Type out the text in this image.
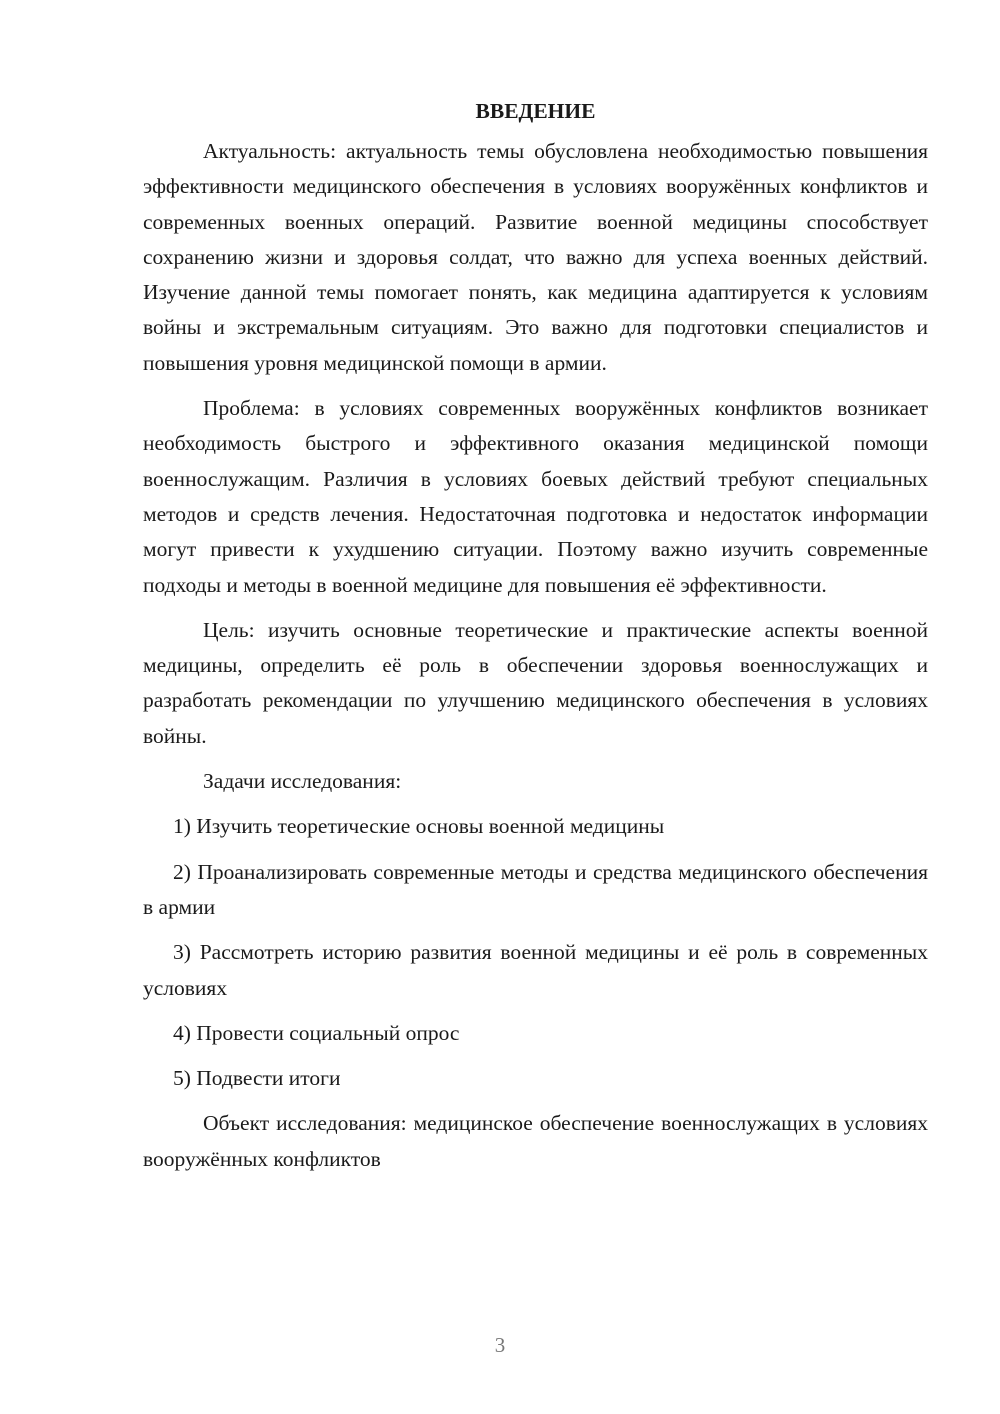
ВВЕДЕНИЕ

Актуальность: актуальность темы обусловлена необходимостью повышения эффективности медицинского обеспечения в условиях вооружённых конфликтов и современных военных операций. Развитие военной медицины способствует сохранению жизни и здоровья солдат, что важно для успеха военных действий. Изучение данной темы помогает понять, как медицина адаптируется к условиям войны и экстремальным ситуациям. Это важно для подготовки специалистов и повышения уровня медицинской помощи в армии.

Проблема: в условиях современных вооружённых конфликтов возникает необходимость быстрого и эффективного оказания медицинской помощи военнослужащим. Различия в условиях боевых действий требуют специальных методов и средств лечения. Недостаточная подготовка и недостаток информации могут привести к ухудшению ситуации. Поэтому важно изучить современные подходы и методы в военной медицине для повышения её эффективности.

Цель: изучить основные теоретические и практические аспекты военной медицины, определить её роль в обеспечении здоровья военнослужащих и разработать рекомендации по улучшению медицинского обеспечения в условиях войны.

Задачи исследования:

1) Изучить теоретические основы военной медицины

2) Проанализировать современные методы и средства медицинского обеспечения в армии

3) Рассмотреть историю развития военной медицины и её роль в современных условиях

4) Провести социальный опрос

5) Подвести итоги

Объект исследования: медицинское обеспечение военнослужащих в условиях вооружённых конфликтов

3
